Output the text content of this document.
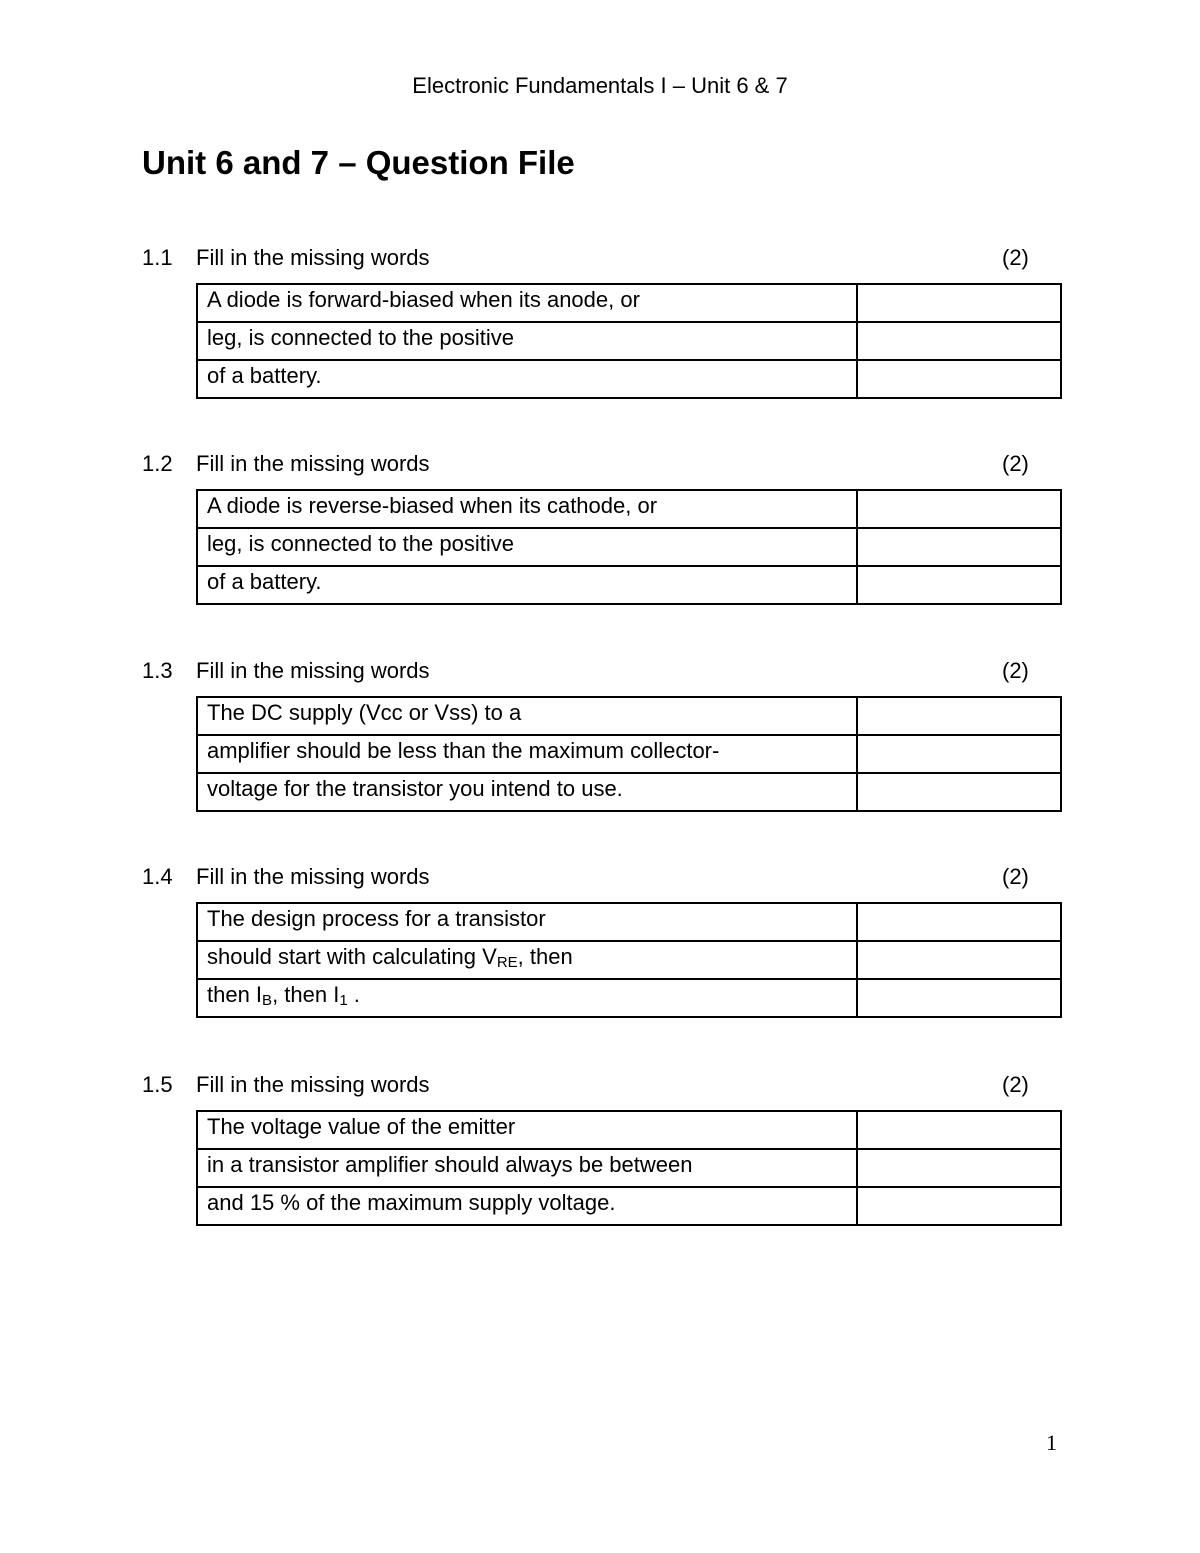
Electronic Fundamentals I – Unit 6 & 7
Unit 6 and 7 – Question File
1.1 Fill in the missing words	(2)
A diode is forward-biased when its anode, or	
leg, is connected to the positive	
of a battery.	
1.2 Fill in the missing words	(2)
A diode is reverse-biased when its cathode, or	
leg, is connected to the positive	
of a battery.	
1.3 Fill in the missing words	(2)
The DC supply (Vcc or Vss) to a	
amplifier should be less than the maximum collector-	
voltage for the transistor you intend to use.	
1.4 Fill in the missing words	(2)
The design process for a transistor	
should start with calculating $V_{RE}$, then	
then $I_B$, then $I_1$ .	
1.5 Fill in the missing words	(2)
The voltage value of the emitter	
in a transistor amplifier should always be between	
and 15 % of the maximum supply voltage.	
1
